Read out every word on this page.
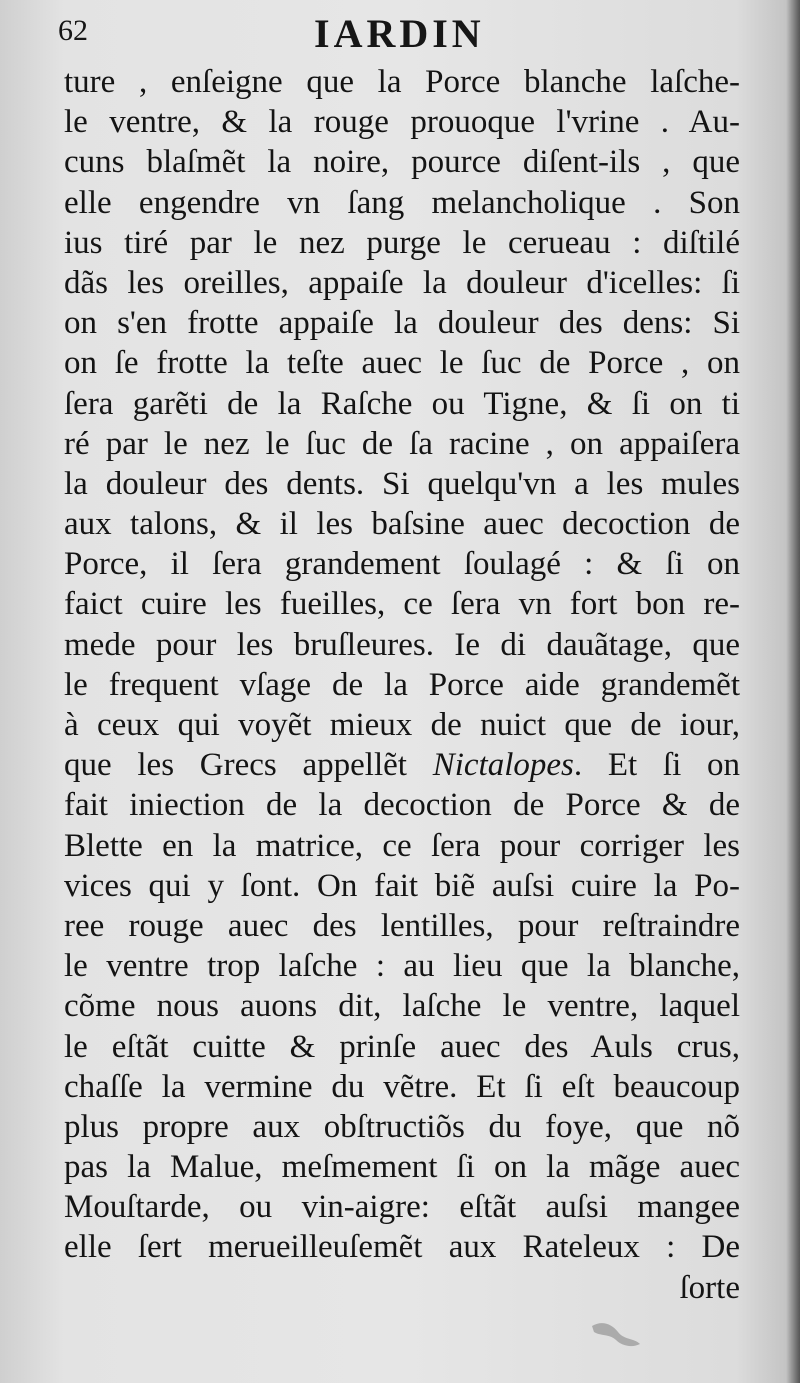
62	IARDIN
ture , enſeigne que la Porce blanche laſche-
le ventre, & la rouge prouoque l'vrine . Au-
cuns blaſmẽt la noire, pource diſent-ils , que
elle engendre vn ſang melancholique . Son
ius tiré par le nez purge le cerueau : diſtilé
dãs les oreilles, appaiſe la douleur d'icelles: ſi
on s'en frotte appaiſe la douleur des dens: Si
on ſe frotte la teſte auec le ſuc de Porce , on
ſera garẽti de la Raſche ou Tigne, & ſi on ti
ré par le nez le ſuc de ſa racine , on appaiſera
la douleur des dents. Si quelqu'vn a les mules
aux talons, & il les baſsine auec decoction de
Porce, il ſera grandement ſoulagé : & ſi on
faict cuire les fueilles, ce ſera vn fort bon re-
mede pour les bruſleures. Ie di dauãtage, que
le frequent vſage de la Porce aide grandemẽt
à ceux qui voyẽt mieux de nuict que de iour,
que les Grecs appellẽt Nictalopes. Et ſi on
fait iniection de la decoction de Porce & de
Blette en la matrice, ce ſera pour corriger les
vices qui y ſont. On fait biẽ auſsi cuire la Po-
ree rouge auec des lentilles, pour reſtraindre
le ventre trop laſche : au lieu que la blanche,
cõme nous auons dit, laſche le ventre, laquel
le eſtãt cuitte & prinſe auec des Auls crus,
chaſſe la vermine du vẽtre. Et ſi eſt beaucoup
plus propre aux obſtructiõs du foye, que nõ
pas la Malue, meſmement ſi on la mãge auec
Mouſtarde, ou vin-aigre: eſtãt auſsi mangee
elle ſert merueilleuſemẽt aux Rateleux : De
ſorte
